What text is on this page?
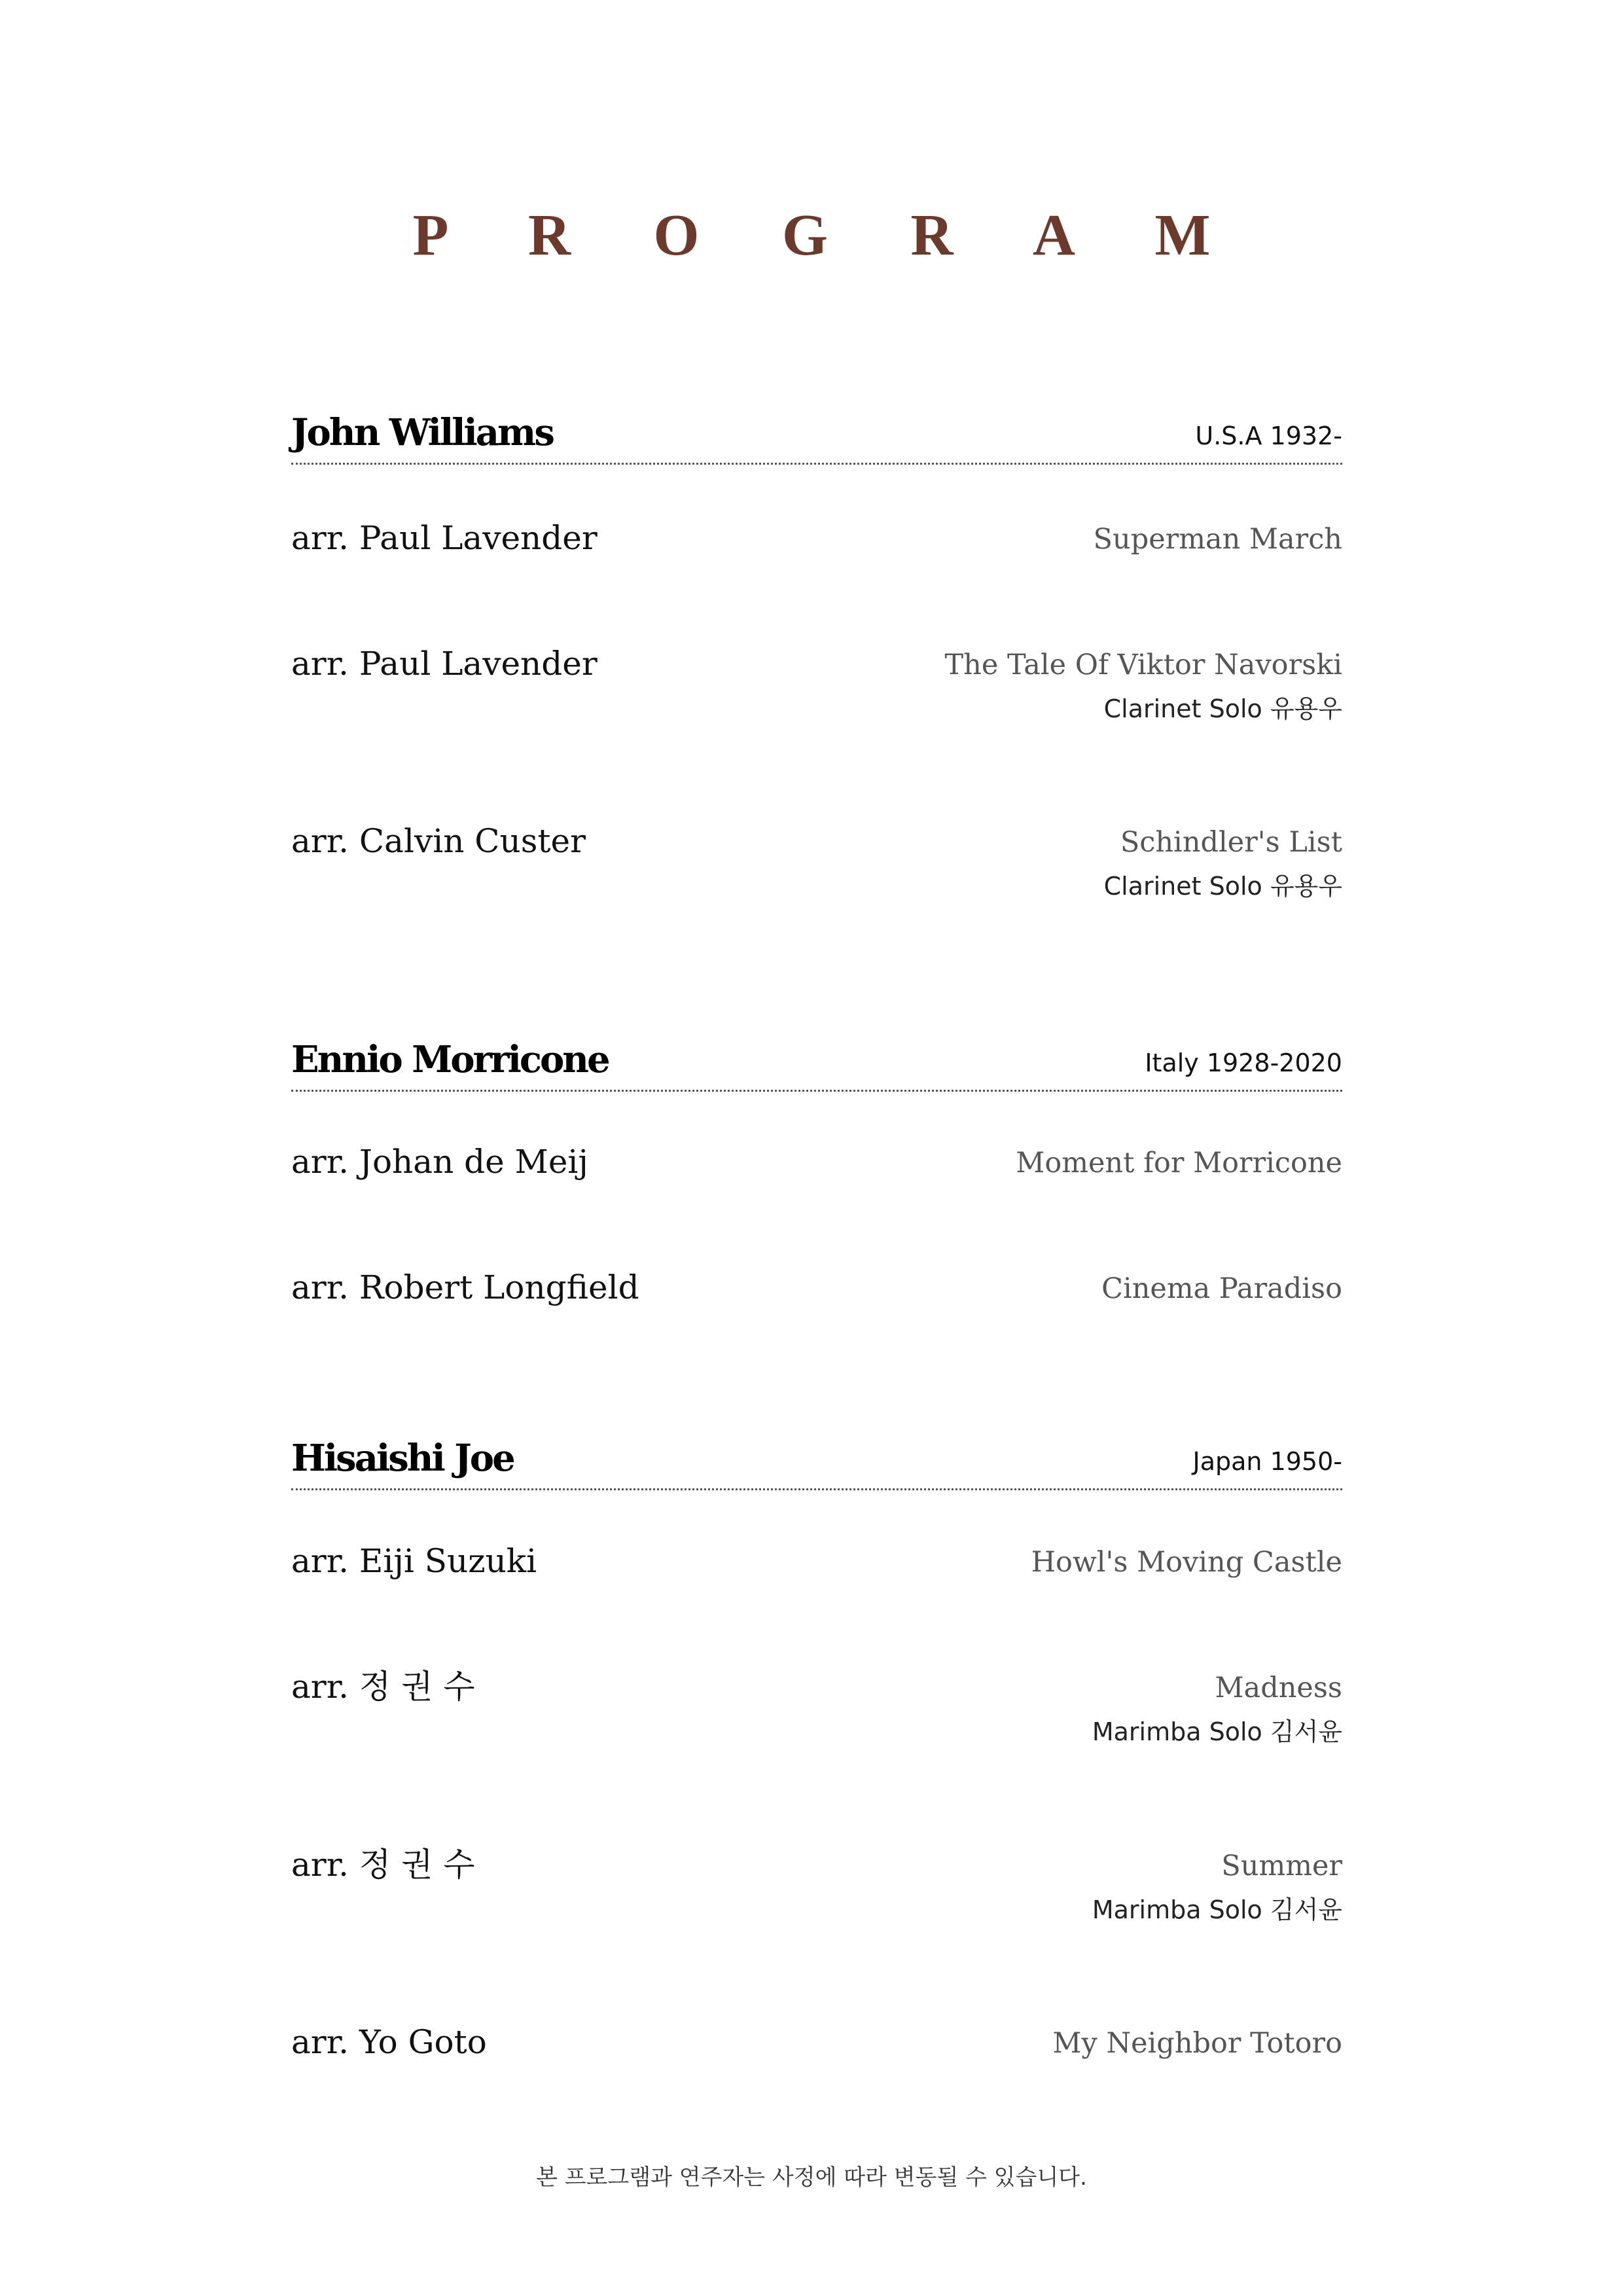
P R O G R A M
John Williams	U.S.A 1932-
arr. Paul Lavender	Superman March
arr. Paul Lavender	The Tale Of Viktor Navorski
Clarinet Solo 유용우
arr. Calvin Custer	Schindler's List
Clarinet Solo 유용우
Ennio Morricone	Italy 1928-2020
arr. Johan de Meij	Moment for Morricone
arr. Robert Longfield	Cinema Paradiso
Hisaishi Joe	Japan 1950-
arr. Eiji Suzuki	Howl's Moving Castle
arr. 정 권 수	Madness
Marimba Solo 김서윤
arr. 정 권 수	Summer
Marimba Solo 김서윤
arr. Yo Goto	My Neighbor Totoro
본 프로그램과 연주자는 사정에 따라 변동될 수 있습니다.
